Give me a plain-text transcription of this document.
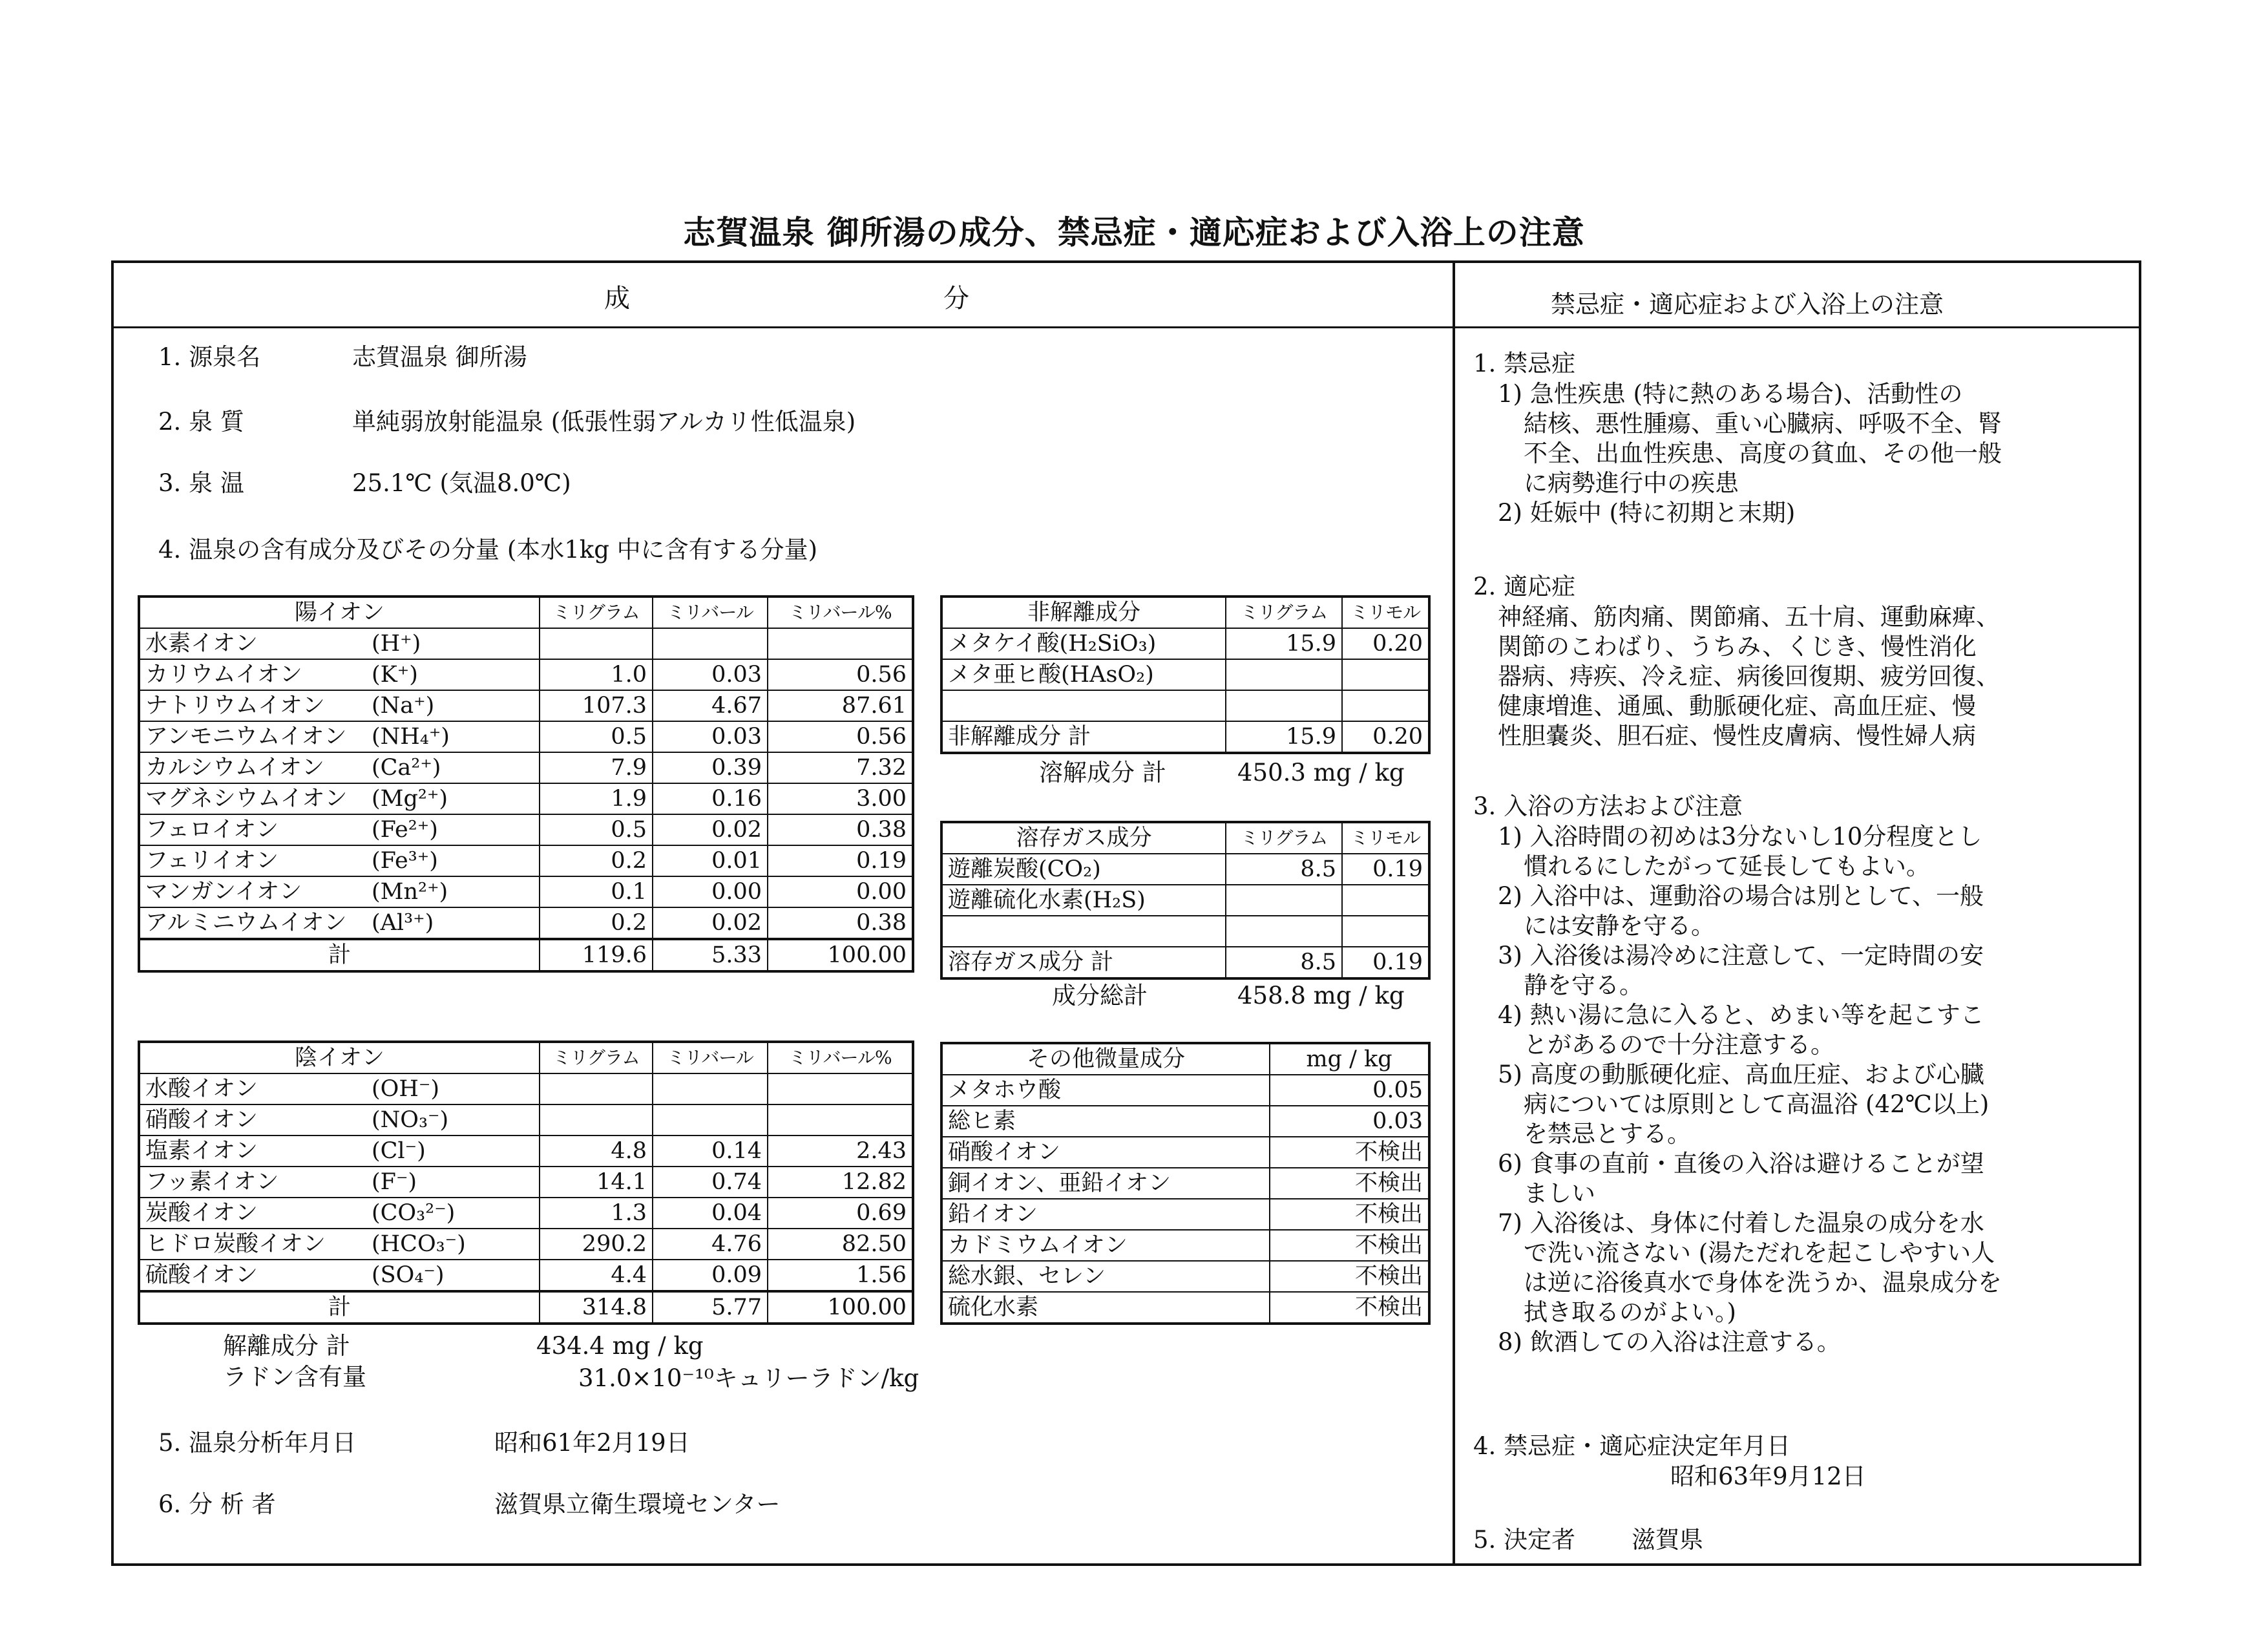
志賀温泉 御所湯の成分、禁忌症・適応症および入浴上の注意
成	分	禁忌症・適応症および入浴上の注意
1. 源泉名	志賀温泉 御所湯
2. 泉 質	単純弱放射能温泉 (低張性弱アルカリ性低温泉)
3. 泉 温	25.1℃ (気温8.0℃)
4. 温泉の含有成分及びその分量 (本水1kg 中に含有する分量)
陽イオン	ミリグラム	ミリバール	ミリバール%
水素イオン (H⁺)			
カリウムイオン (K⁺)	1.0	0.03	0.56
ナトリウムイオン (Na⁺)	107.3	4.67	87.61
アンモニウムイオン (NH₄⁺)	0.5	0.03	0.56
カルシウムイオン (Ca²⁺)	7.9	0.39	7.32
マグネシウムイオン (Mg²⁺)	1.9	0.16	3.00
フェロイオン (Fe²⁺)	0.5	0.02	0.38
フェリイオン (Fe³⁺)	0.2	0.01	0.19
マンガンイオン (Mn²⁺)	0.1	0.00	0.00
アルミニウムイオン (Al³⁺)	0.2	0.02	0.38
計	119.6	5.33	100.00
陰イオン	ミリグラム	ミリバール	ミリバール%
水酸イオン (OH⁻)			
硝酸イオン (NO₃⁻)			
塩素イオン (Cl⁻)	4.8	0.14	2.43
フッ素イオン (F⁻)	14.1	0.74	12.82
炭酸イオン (CO₃²⁻)	1.3	0.04	0.69
ヒドロ炭酸イオン (HCO₃⁻)	290.2	4.76	82.50
硫酸イオン (SO₄⁻)	4.4	0.09	1.56
計	314.8	5.77	100.00
非解離成分	ミリグラム	ミリモル
メタケイ酸(H₂SiO₃)	15.9	0.20
メタ亜ヒ酸(HAsO₂)		

非解離成分 計	15.9	0.20
溶解成分 計	450.3 mg / kg
溶存ガス成分	ミリグラム	ミリモル
遊離炭酸(CO₂)	8.5	0.19
遊離硫化水素(H₂S)		

溶存ガス成分 計	8.5	0.19
成分総計	458.8 mg / kg
その他微量成分	mg / kg
メタホウ酸	0.05
総ヒ素	0.03
硝酸イオン	不検出
銅イオン、亜鉛イオン	不検出
鉛イオン	不検出
カドミウムイオン	不検出
総水銀、セレン	不検出
硫化水素	不検出
解離成分 計	434.4 mg / kg
ラドン含有量	31.0×10⁻¹⁰キュリーラドン/kg
5. 温泉分析年月日	昭和61年2月19日
6. 分 析 者	滋賀県立衛生環境センター
1. 禁忌症
1) 急性疾患 (特に熱のある場合)、活動性の
結核、悪性腫瘍、重い心臓病、呼吸不全、腎
不全、出血性疾患、高度の貧血、その他一般
に病勢進行中の疾患
2) 妊娠中 (特に初期と末期)
2. 適応症
神経痛、筋肉痛、関節痛、五十肩、運動麻痺、
関節のこわばり、うちみ、くじき、慢性消化
器病、痔疾、冷え症、病後回復期、疲労回復、
健康増進、通風、動脈硬化症、高血圧症、慢
性胆嚢炎、胆石症、慢性皮膚病、慢性婦人病
3. 入浴の方法および注意
1) 入浴時間の初めは3分ないし10分程度とし
慣れるにしたがって延長してもよい。
2) 入浴中は、運動浴の場合は別として、一般
には安静を守る。
3) 入浴後は湯冷めに注意して、一定時間の安
静を守る。
4) 熱い湯に急に入ると、めまい等を起こすこ
とがあるので十分注意する。
5) 高度の動脈硬化症、高血圧症、および心臓
病については原則として高温浴 (42℃以上)
を禁忌とする。
6) 食事の直前・直後の入浴は避けることが望
ましい
7) 入浴後は、身体に付着した温泉の成分を水
で洗い流さない (湯ただれを起こしやすい人
は逆に浴後真水で身体を洗うか、温泉成分を
拭き取るのがよい。)
8) 飲酒しての入浴は注意する。
4. 禁忌症・適応症決定年月日
昭和63年9月12日
5. 決定者 滋賀県
